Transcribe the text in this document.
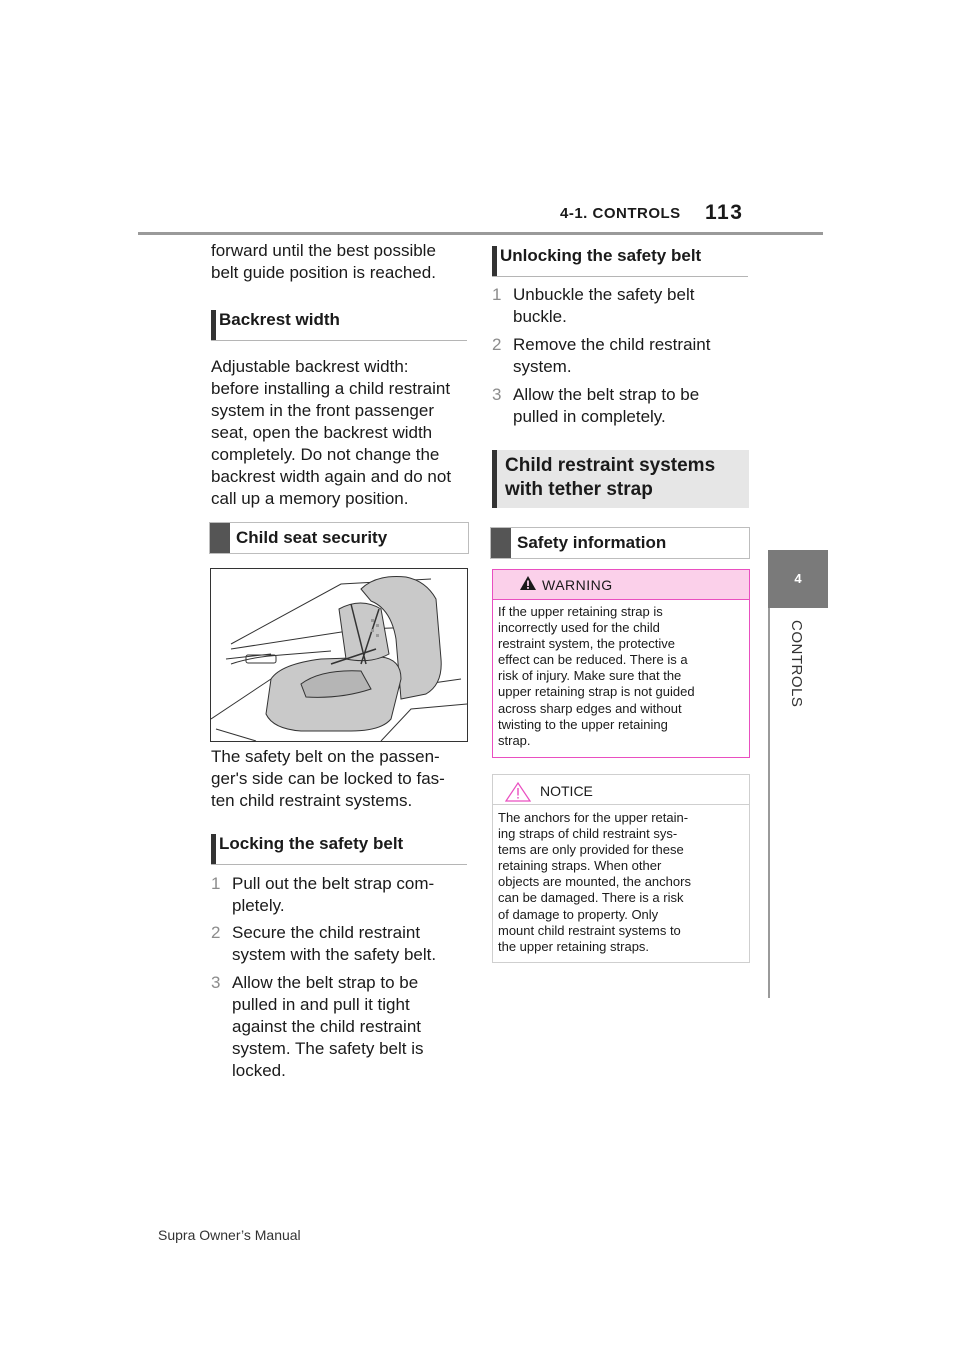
4-1. CONTROLS 113
4
CONTROLS
forward until the best possible
belt guide position is reached.
Backrest width
Adjustable backrest width:
before installing a child restraint
system in the front passenger
seat, open the backrest width
completely. Do not change the
backrest width again and do not
call up a memory position.
Child seat security
The safety belt on the passen-
ger's side can be locked to fas-
ten child restraint systems.
Locking the safety belt
1 Pull out the belt strap com-
pletely.
2 Secure the child restraint
system with the safety belt.
3 Allow the belt strap to be
pulled in and pull it tight
against the child restraint
system. The safety belt is
locked.
Unlocking the safety belt
1 Unbuckle the safety belt
buckle.
2 Remove the child restraint
system.
3 Allow the belt strap to be
pulled in completely.
Child restraint systems
with tether strap
Safety information
WARNING
If the upper retaining strap is
incorrectly used for the child
restraint system, the protective
effect can be reduced. There is a
risk of injury. Make sure that the
upper retaining strap is not guided
across sharp edges and without
twisting to the upper retaining
strap.
NOTICE
The anchors for the upper retain-
ing straps of child restraint sys-
tems are only provided for these
retaining straps. When other
objects are mounted, the anchors
can be damaged. There is a risk
of damage to property. Only
mount child restraint systems to
the upper retaining straps.
Supra Owner’s Manual
